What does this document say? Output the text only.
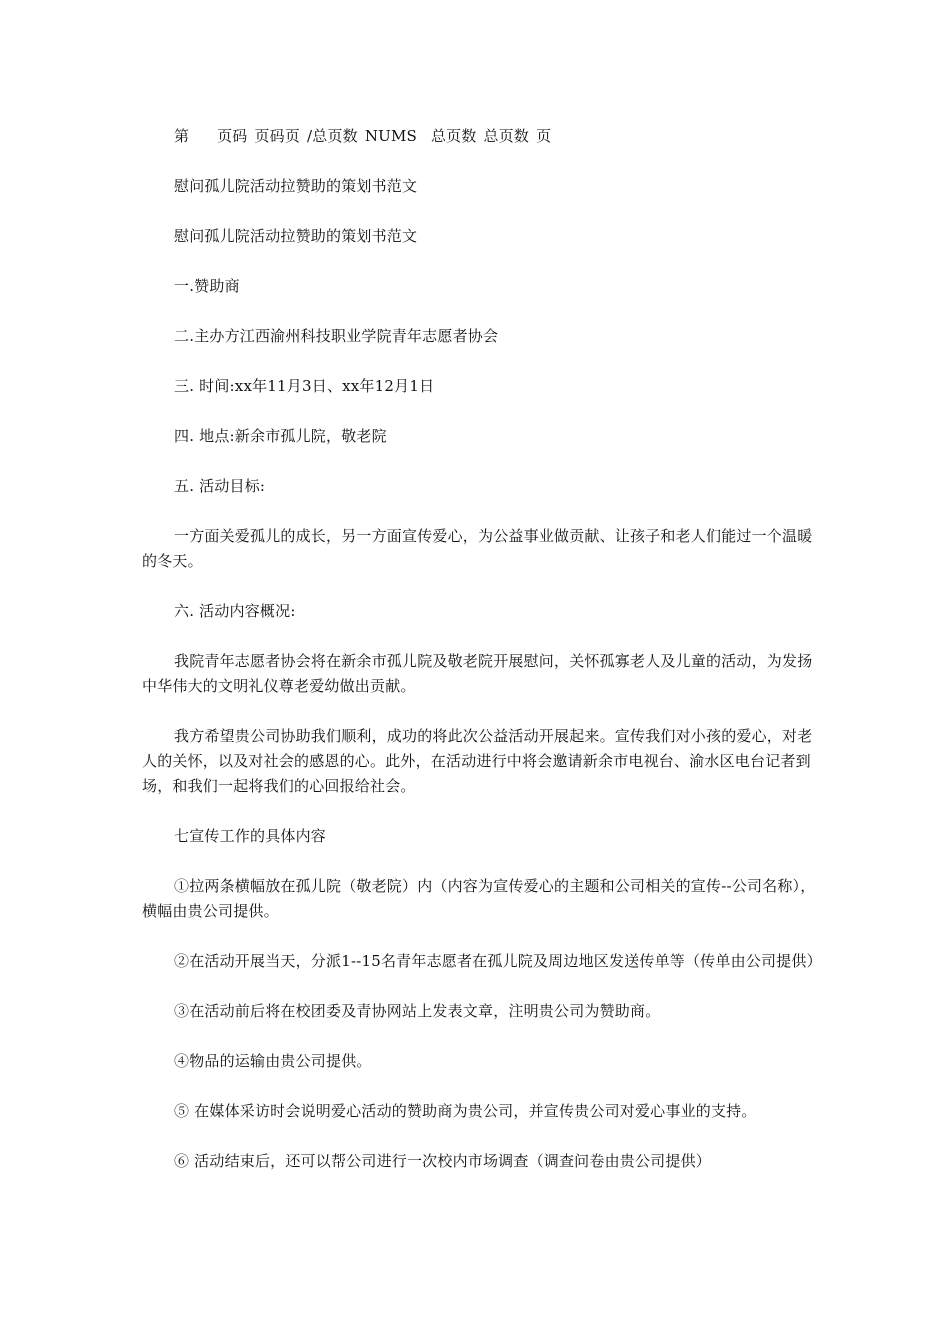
第    页码 页码页 /总页数 NUMS  总页数 总页数 页

慰问孤儿院活动拉赞助的策划书范文

慰问孤儿院活动拉赞助的策划书范文

一.赞助商

二.主办方江西渝州科技职业学院青年志愿者协会

三. 时间:xx年11月3日、xx年12月1日

四. 地点:新余市孤儿院，敬老院

五. 活动目标:

一方面关爱孤儿的成长，另一方面宣传爱心，为公益事业做贡献、让孩子和老人们能过一个温暖的冬天。

六. 活动内容概况:

我院青年志愿者协会将在新余市孤儿院及敬老院开展慰问，关怀孤寡老人及儿童的活动，为发扬中华伟大的文明礼仪尊老爱幼做出贡献。

我方希望贵公司协助我们顺利，成功的将此次公益活动开展起来。宣传我们对小孩的爱心，对老人的关怀，以及对社会的感恩的心。此外，在活动进行中将会邀请新余市电视台、渝水区电台记者到场，和我们一起将我们的心回报给社会。

七宣传工作的具体内容

①拉两条横幅放在孤儿院（敬老院）内（内容为宣传爱心的主题和公司相关的宣传--公司名称），横幅由贵公司提供。

②在活动开展当天，分派1--15名青年志愿者在孤儿院及周边地区发送传单等（传单由公司提供）

③在活动前后将在校团委及青协网站上发表文章，注明贵公司为赞助商。

④物品的运输由贵公司提供。

⑤ 在媒体采访时会说明爱心活动的赞助商为贵公司，并宣传贵公司对爱心事业的支持。

⑥ 活动结束后，还可以帮公司进行一次校内市场调查（调查问卷由贵公司提供）
